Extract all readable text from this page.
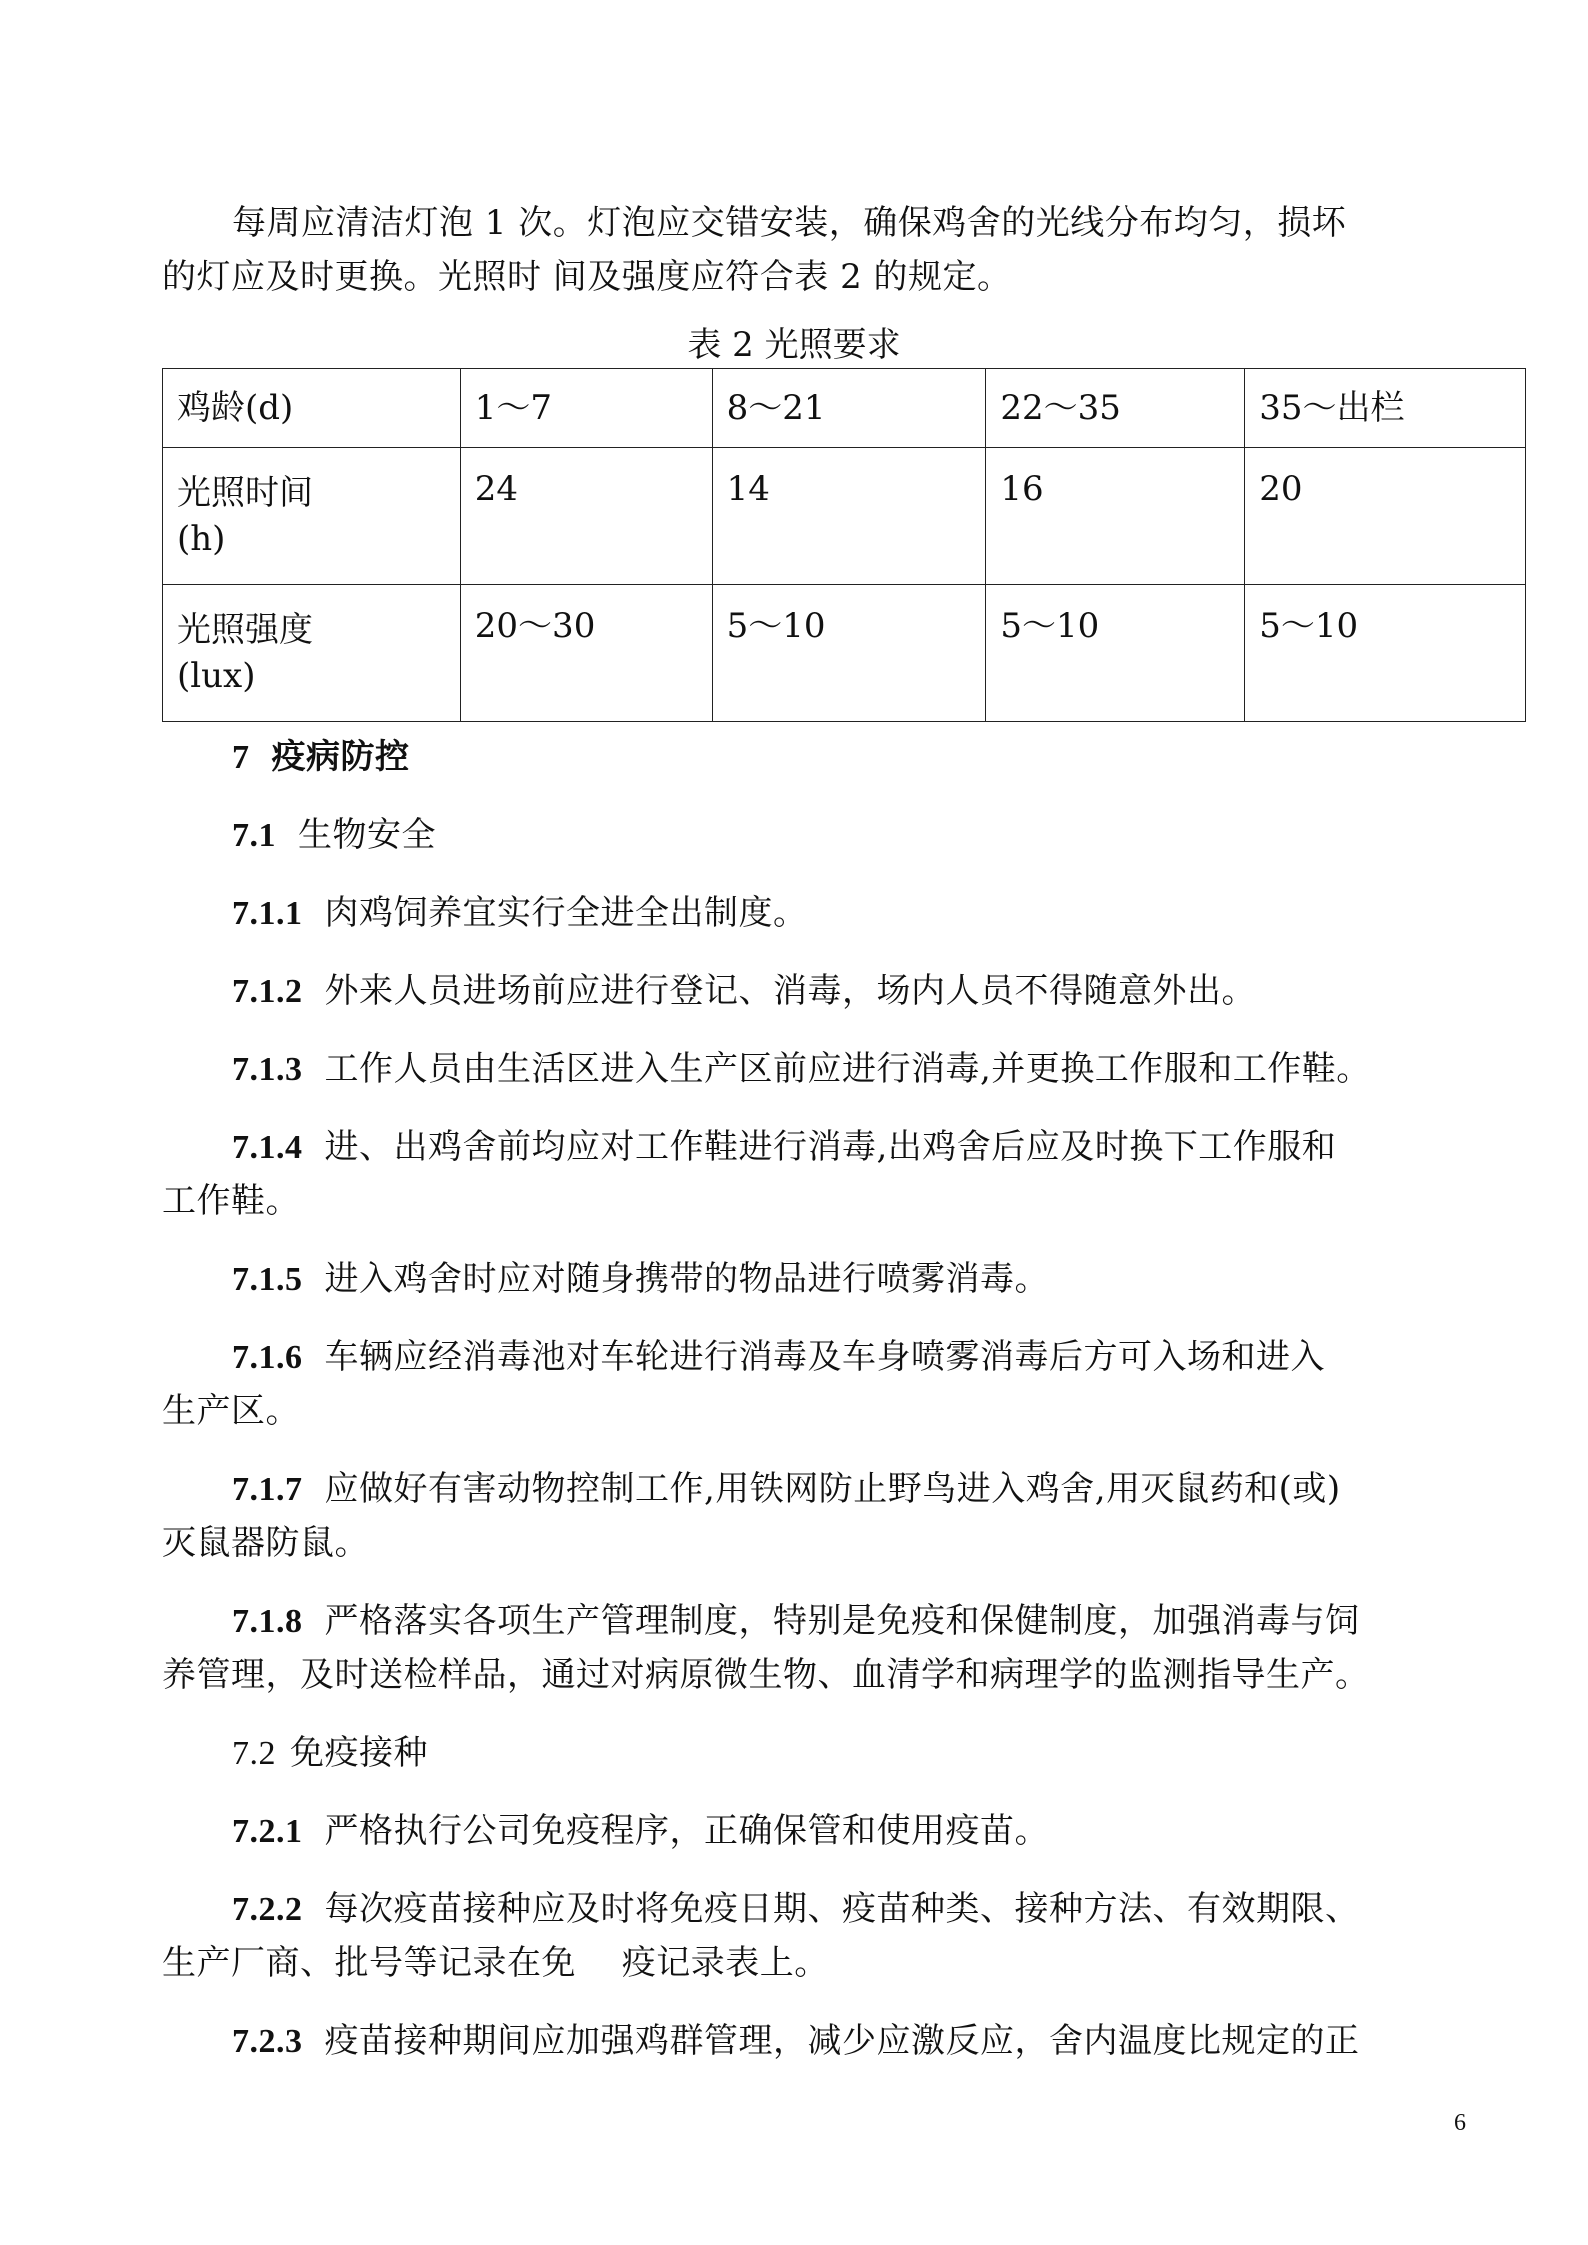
每周应清洁灯泡 1 次。灯泡应交错安装，确保鸡舍的光线分布均匀，损坏
的灯应及时更换。光照时 间及强度应符合表 2 的规定。
表 2 光照要求
鸡龄(d)	1～7	8～21	22～35	35～出栏
光照时间
(h)	24	14	16	20
光照强度
(lux)	20～30	5～10	5～10	5～10
7 疫病防控
7.1 生物安全
7.1.1 肉鸡饲养宜实行全进全出制度。
7.1.2 外来人员进场前应进行登记、消毒，场内人员不得随意外出。
7.1.3 工作人员由生活区进入生产区前应进行消毒,并更换工作服和工作鞋。
7.1.4 进、出鸡舍前均应对工作鞋进行消毒,出鸡舍后应及时换下工作服和
工作鞋。
7.1.5 进入鸡舍时应对随身携带的物品进行喷雾消毒。
7.1.6 车辆应经消毒池对车轮进行消毒及车身喷雾消毒后方可入场和进入
生产区。
7.1.7 应做好有害动物控制工作,用铁网防止野鸟进入鸡舍,用灭鼠药和(或)
灭鼠器防鼠。
7.1.8 严格落实各项生产管理制度，特别是免疫和保健制度，加强消毒与饲
养管理，及时送检样品，通过对病原微生物、血清学和病理学的监测指导生产。
7.2 免疫接种
7.2.1 严格执行公司免疫程序，正确保管和使用疫苗。
7.2.2 每次疫苗接种应及时将免疫日期、疫苗种类、接种方法、有效期限、
生产厂商、批号等记录在免　 疫记录表上。
7.2.3 疫苗接种期间应加强鸡群管理，减少应激反应，舍内温度比规定的正
6
